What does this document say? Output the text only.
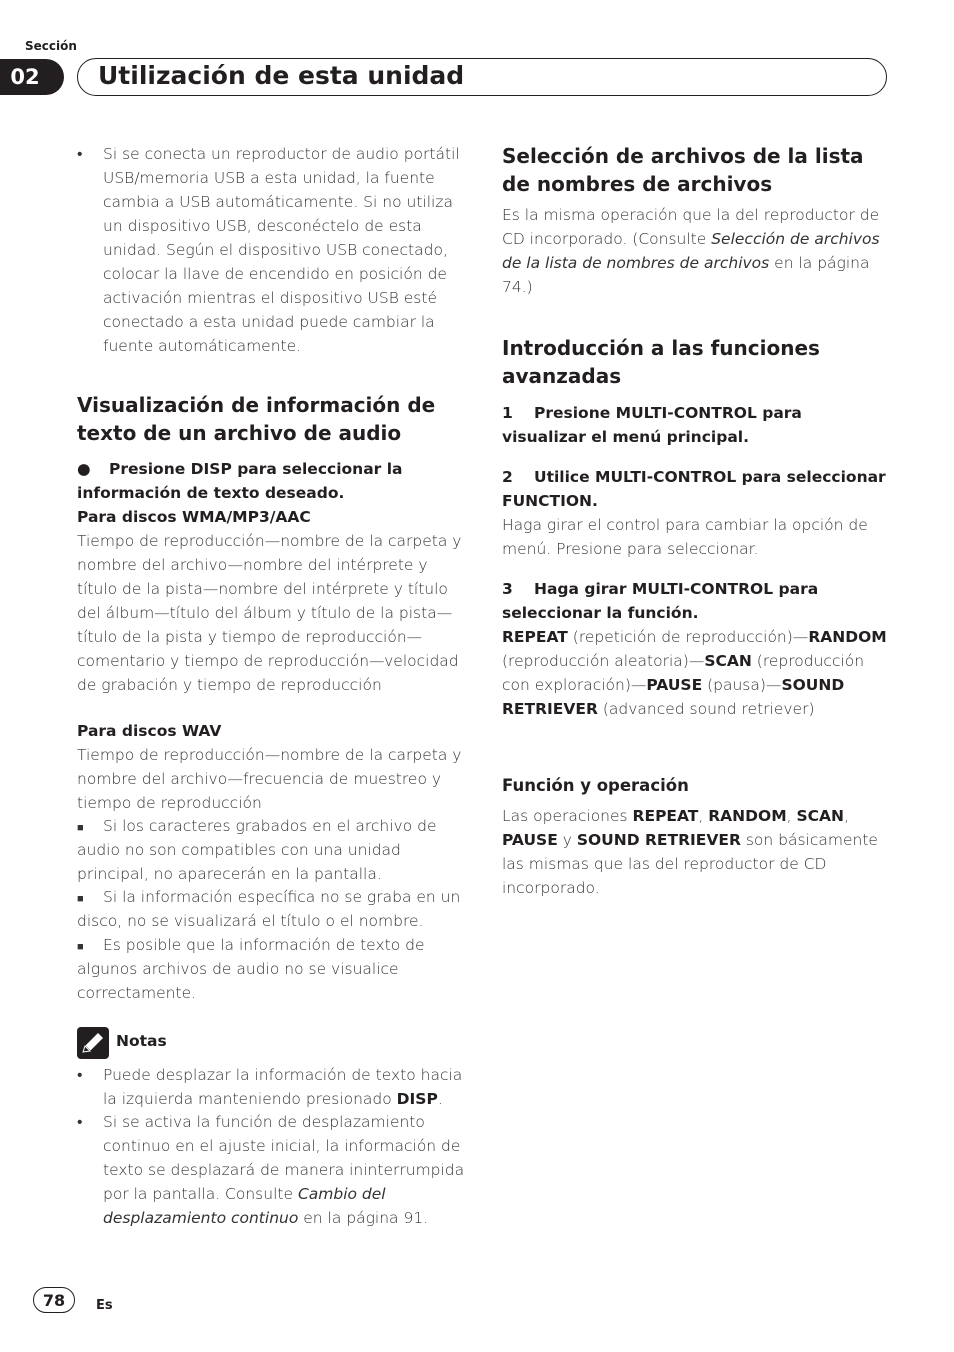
Sección
02	Utilización de esta unidad
• Si se conecta un reproductor de audio portátil USB/memoria USB a esta unidad, la fuente cambia a USB automáticamente. Si no utiliza un dispositivo USB, desconéctelo de esta unidad. Según el dispositivo USB conectado, colocar la llave de encendido en posición de activación mientras el dispositivo USB esté conectado a esta unidad puede cambiar la fuente automáticamente.
Visualización de información de texto de un archivo de audio
● Presione DISP para seleccionar la información de texto deseado.
Para discos WMA/MP3/AAC
Tiempo de reproducción—nombre de la carpeta y nombre del archivo—nombre del intérprete y título de la pista—nombre del intérprete y título del álbum—título del álbum y título de la pista—título de la pista y tiempo de reproducción—comentario y tiempo de reproducción—velocidad de grabación y tiempo de reproducción
Para discos WAV
Tiempo de reproducción—nombre de la carpeta y nombre del archivo—frecuencia de muestreo y tiempo de reproducción
■ Si los caracteres grabados en el archivo de audio no son compatibles con una unidad principal, no aparecerán en la pantalla.
■ Si la información específica no se graba en un disco, no se visualizará el título o el nombre.
■ Es posible que la información de texto de algunos archivos de audio no se visualice correctamente.
Notas
• Puede desplazar la información de texto hacia la izquierda manteniendo presionado DISP.
• Si se activa la función de desplazamiento continuo en el ajuste inicial, la información de texto se desplazará de manera ininterrumpida por la pantalla. Consulte Cambio del desplazamiento continuo en la página 91.
Selección de archivos de la lista de nombres de archivos
Es la misma operación que la del reproductor de CD incorporado. (Consulte Selección de archivos de la lista de nombres de archivos en la página 74.)
Introducción a las funciones avanzadas
1 Presione MULTI-CONTROL para visualizar el menú principal.
2 Utilice MULTI-CONTROL para seleccionar FUNCTION.
Haga girar el control para cambiar la opción de menú. Presione para seleccionar.
3 Haga girar MULTI-CONTROL para seleccionar la función.
REPEAT (repetición de reproducción)—RANDOM (reproducción aleatoria)—SCAN (reproducción con exploración)—PAUSE (pausa)—SOUND RETRIEVER (advanced sound retriever)
Función y operación
Las operaciones REPEAT, RANDOM, SCAN, PAUSE y SOUND RETRIEVER son básicamente las mismas que las del reproductor de CD incorporado.
78	Es
